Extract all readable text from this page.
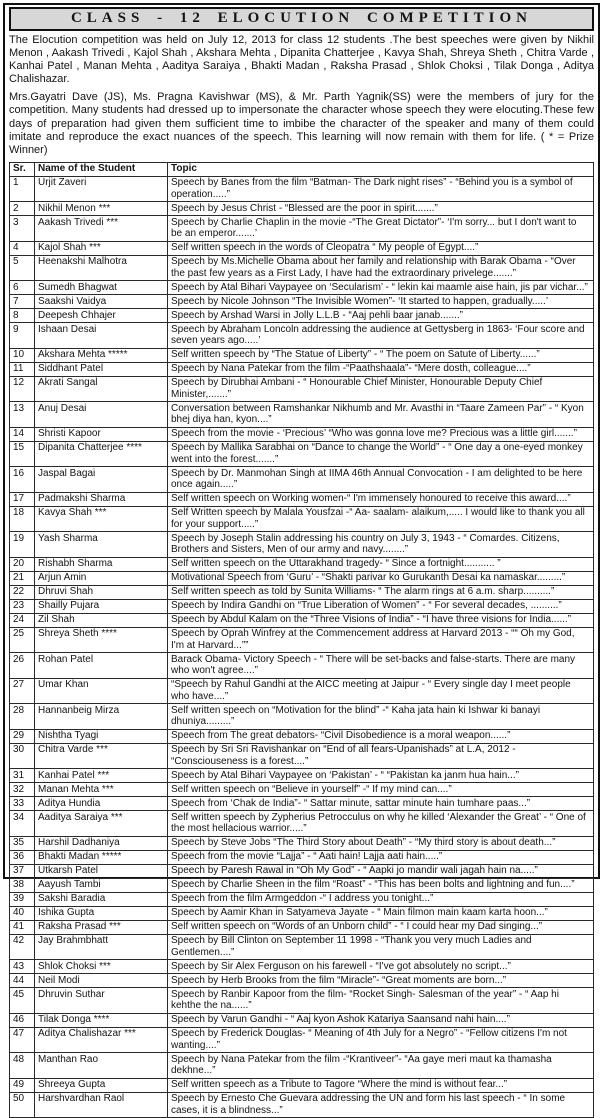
CLASS - 12 ELOCUTION COMPETITION

The Elocution competition was held on July 12, 2013 for class 12 students .The best speeches were given by Nikhil Menon , Aakash Trivedi , Kajol Shah , Akshara Mehta , Dipanita Chatterjee , Kavya Shah, Shreya Sheth , Chitra Varde , Kanhai Patel , Manan Mehta , Aaditya Saraiya , Bhakti Madan , Raksha Prasad , Shlok Choksi , Tilak Donga , Aditya Chalishazar.

Mrs.Gayatri Dave (JS), Ms. Pragna Kavishwar (MS), & Mr. Parth Yagnik(SS) were the members of jury for the competition. Many students had dressed up to impersonate the character whose speech they were elocuting.These few days of preparation had given them sufficient time to imbibe the character of the speaker and many of them could imitate and reproduce the exact nuances of the speech. This learning will now remain with them for life. ( * = Prize Winner)

Sr.	Name of the Student	Topic
1	Urjit Zaveri	Speech by Banes from the film “Batman- The Dark night rises” - “Behind you is a symbol of operation.....”
2	Nikhil Menon ***	Speech by Jesus Christ - “Blessed are the poor in spirit.......”
3	Aakash Trivedi ***	Speech by Charlie Chaplin in the movie -“The Great Dictator”- ‘I'm sorry... but I don't want to be an emperor.......’
4	Kajol Shah ***	Self written speech in the words of Cleopatra “ My people of Egypt....”
5	Heenakshi Malhotra	Speech by Ms.Michelle Obama about her family and relationship with Barak Obama - “Over the past few years as a First Lady, I have had the extraordinary privelege.......”
6	Sumedh Bhagwat	Speech by Atal Bihari Vaypayee on ‘Secularism’ - “ lekin kai maamle aise hain, jis par vichar...”
7	Saakshi Vaidya	Speech by Nicole Johnson “The Invisible Women”- ‘It started to happen, gradually.....’
8	Deepesh Chhajer	Speech by Arshad Warsi in Jolly L.L.B - “Aaj pehli baar janab.......”
9	Ishaan Desai	Speech by Abraham Loncoln addressing the audience at Gettysberg in 1863- ‘Four score and seven years ago.....’
10	Akshara Mehta *****	Self written speech by “The Statue of Liberty” - “ The poem on Satute of Liberty......”
11	Siddhant Patel	Speech by Nana Patekar from the film -“Paathshaala”- “Mere dosth, colleague....”
12	Akrati Sangal	Speech by Dirubhai Ambani - “ Honourable Chief Minister, Honourable Deputy Chief Minister,.......”
13	Anuj Desai	Conversation between Ramshankar Nikhumb and Mr. Avasthi in “Taare Zameen Par” - “ Kyon bhej diya han, kyon....”
14	Shristi Kapoor	Speech from the movie - ‘Precious’ “Who was gonna love me? Precious was a little girl.......”
15	Dipanita Chatterjee ****	Speech by Mallika Sarabhai on “Dance to change the World” - “ One day a one-eyed monkey went into the forest.......”
16	Jaspal Bagai	Speech by Dr. Manmohan Singh at IIMA 46th Annual Convocation - I am delighted to be here once again.....”
17	Padmakshi Sharma	Self written speech on Working women-“ I'm immensely honoured to receive this award....”
18	Kavya Shah ***	Self Written speech by Malala Yousfzai -“ Aa- saalam- alaikum,..... I would like to thank you all for your support.....”
19	Yash Sharma	Speech by Joseph Stalin addressing his country on July 3, 1943 - “ Comardes. Citizens, Brothers and Sisters, Men of our army and navy........”
20	Rishabh Sharma	Self written speech on the Uttarakhand tragedy- “ Since a fortnight........... ”
21	Arjun Amin	Motivational Speech from ‘Guru’ - “Shakti parivar ko Gurukanth Desai ka namaskar.........”
22	Dhruvi Shah	Self written speech as told by Sunita Williams- “ The alarm rings at 6 a.m. sharp..........”
23	Shailly Pujara	Speech by Indira Gandhi on “True Liberation of Women” - “ For several decades, ..........”
24	Zil Shah	Speech by Abdul Kalam on the “Three Visions of India” - “I have three visions for India......”
25	Shreya Sheth ****	Speech by Oprah Winfrey at the Commencement address at Harvard 2013 - ““ Oh my God, I'm at Harvard...””
26	Rohan Patel	Barack Obama- Victory Speech - “ There will be set-backs and false-starts. There are many who won't agree....”
27	Umar Khan	“Speech by Rahul Gandhi at the AICC meeting at Jaipur - “ Every single day I meet people who have....”
28	Hannanbeig Mirza	Self written speech on “Motivation for the blind” -“ Kaha jata hain ki Ishwar ki banayi dhuniya.........”
29	Nishtha Tyagi	Speech from The great debators- “Civil Disobedience is a moral weapon......”
30	Chitra Varde ***	Speech by Sri Sri Ravishankar on “End of all fears-Upanishads” at L.A, 2012 - “Consciouseness is a forest....”
31	Kanhai Patel ***	Speech by Atal Bihari Vaypayee on ‘Pakistan’ - “ “Pakistan ka janm hua hain...”
32	Manan Mehta ***	Self written speech on “Believe in yourself” -“ If my mind can....”
33	Aditya Hundia	Speech from ‘Chak de India”- “ Sattar minute, sattar minute hain tumhare paas...”
34	Aaditya Saraiya ***	Self written speech by Zypherius Petrocculus on why he killed ‘Alexander the Great’ - “ One of the most hellacious warrior.....”
35	Harshil Dadhaniya	Speech by Steve Jobs “The Third Story about Death” - “My third story is about death...”
36	Bhakti Madan *****	Speech from the movie “Lajja” - “ Aati hain! Lajja aati hain.....”
37	Utkarsh Patel	Speech by Paresh Rawal in “Oh My God” - “ Aapki jo mandir wali jagah hain na.....”
38	Aayush Tambi	Speech by Charlie Sheen in the film “Roast” - “This has been bolts and lightning and fun....”
39	Sakshi Baradia	Speech from the film Armgeddon -“ I address you tonight...”
40	Ishika Gupta	Speech by Aamir Khan in Satyameva Jayate - “ Main filmon main kaam karta hoon...”
41	Raksha Prasad ***	Self written speech on “Words of an Unborn child” - “ I could hear my Dad singing...”
42	Jay Brahmbhatt	Speech by Bill Clinton on September 11 1998 - “Thank you very much Ladies and Gentlemen....”
43	Shlok Choksi ***	Speech by Sir Alex Ferguson on his farewell - “I've got absolutely no script...”
44	Neil Modi	Speech by Herb Brooks from the film “Miracle”- “Great moments are born...”
45	Dhruvin Suthar	Speech by Ranbir Kapoor from the film- “Rocket Singh- Salesman of the year” - “ Aap hi kehthe the na......”
46	Tilak Donga ****	Speech by Varun Gandhi - “ Aaj kyon Ashok Katariya Saansand nahi hain....”
47	Aditya Chalishazar ***	Speech by Frederick Douglas- “ Meaning of 4th July for a Negro” - “Fellow citizens I'm not wanting....”
48	Manthan Rao	Speech by Nana Patekar from the film -“Krantiveer”- “Aa gaye meri maut ka thamasha dekhne...”
49	Shreeya Gupta	Self written speech as a Tribute to Tagore “Where the mind is without fear...”
50	Harshvardhan Raol	Speech by Ernesto Che Guevara addressing the UN and form his last speech - “ In some cases, it is a blindness...”
